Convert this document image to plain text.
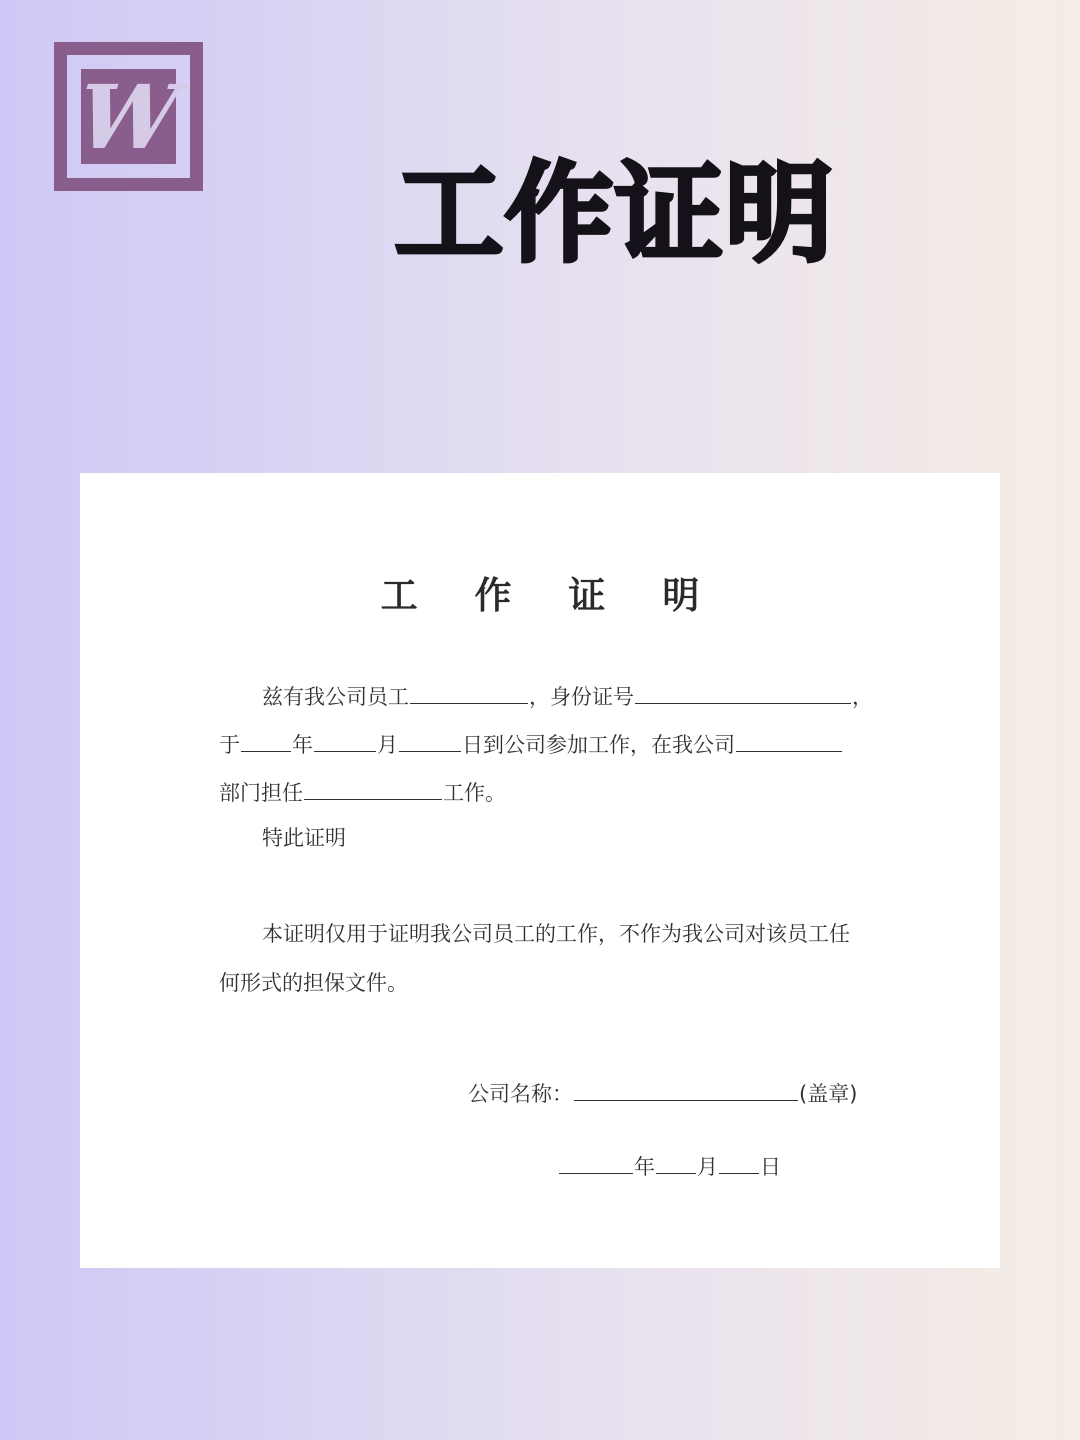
W
工作证明
工 作 证 明
兹有我公司员工	，身份证号	，
于 年	月	日到公司参加工作，在我公司
部门担任	工作。
特此证明
本证明仅用于证明我公司员工的工作，不作为我公司对该员工任
何形式的担保文件。
公司名称：	(盖章)
年 月 日
